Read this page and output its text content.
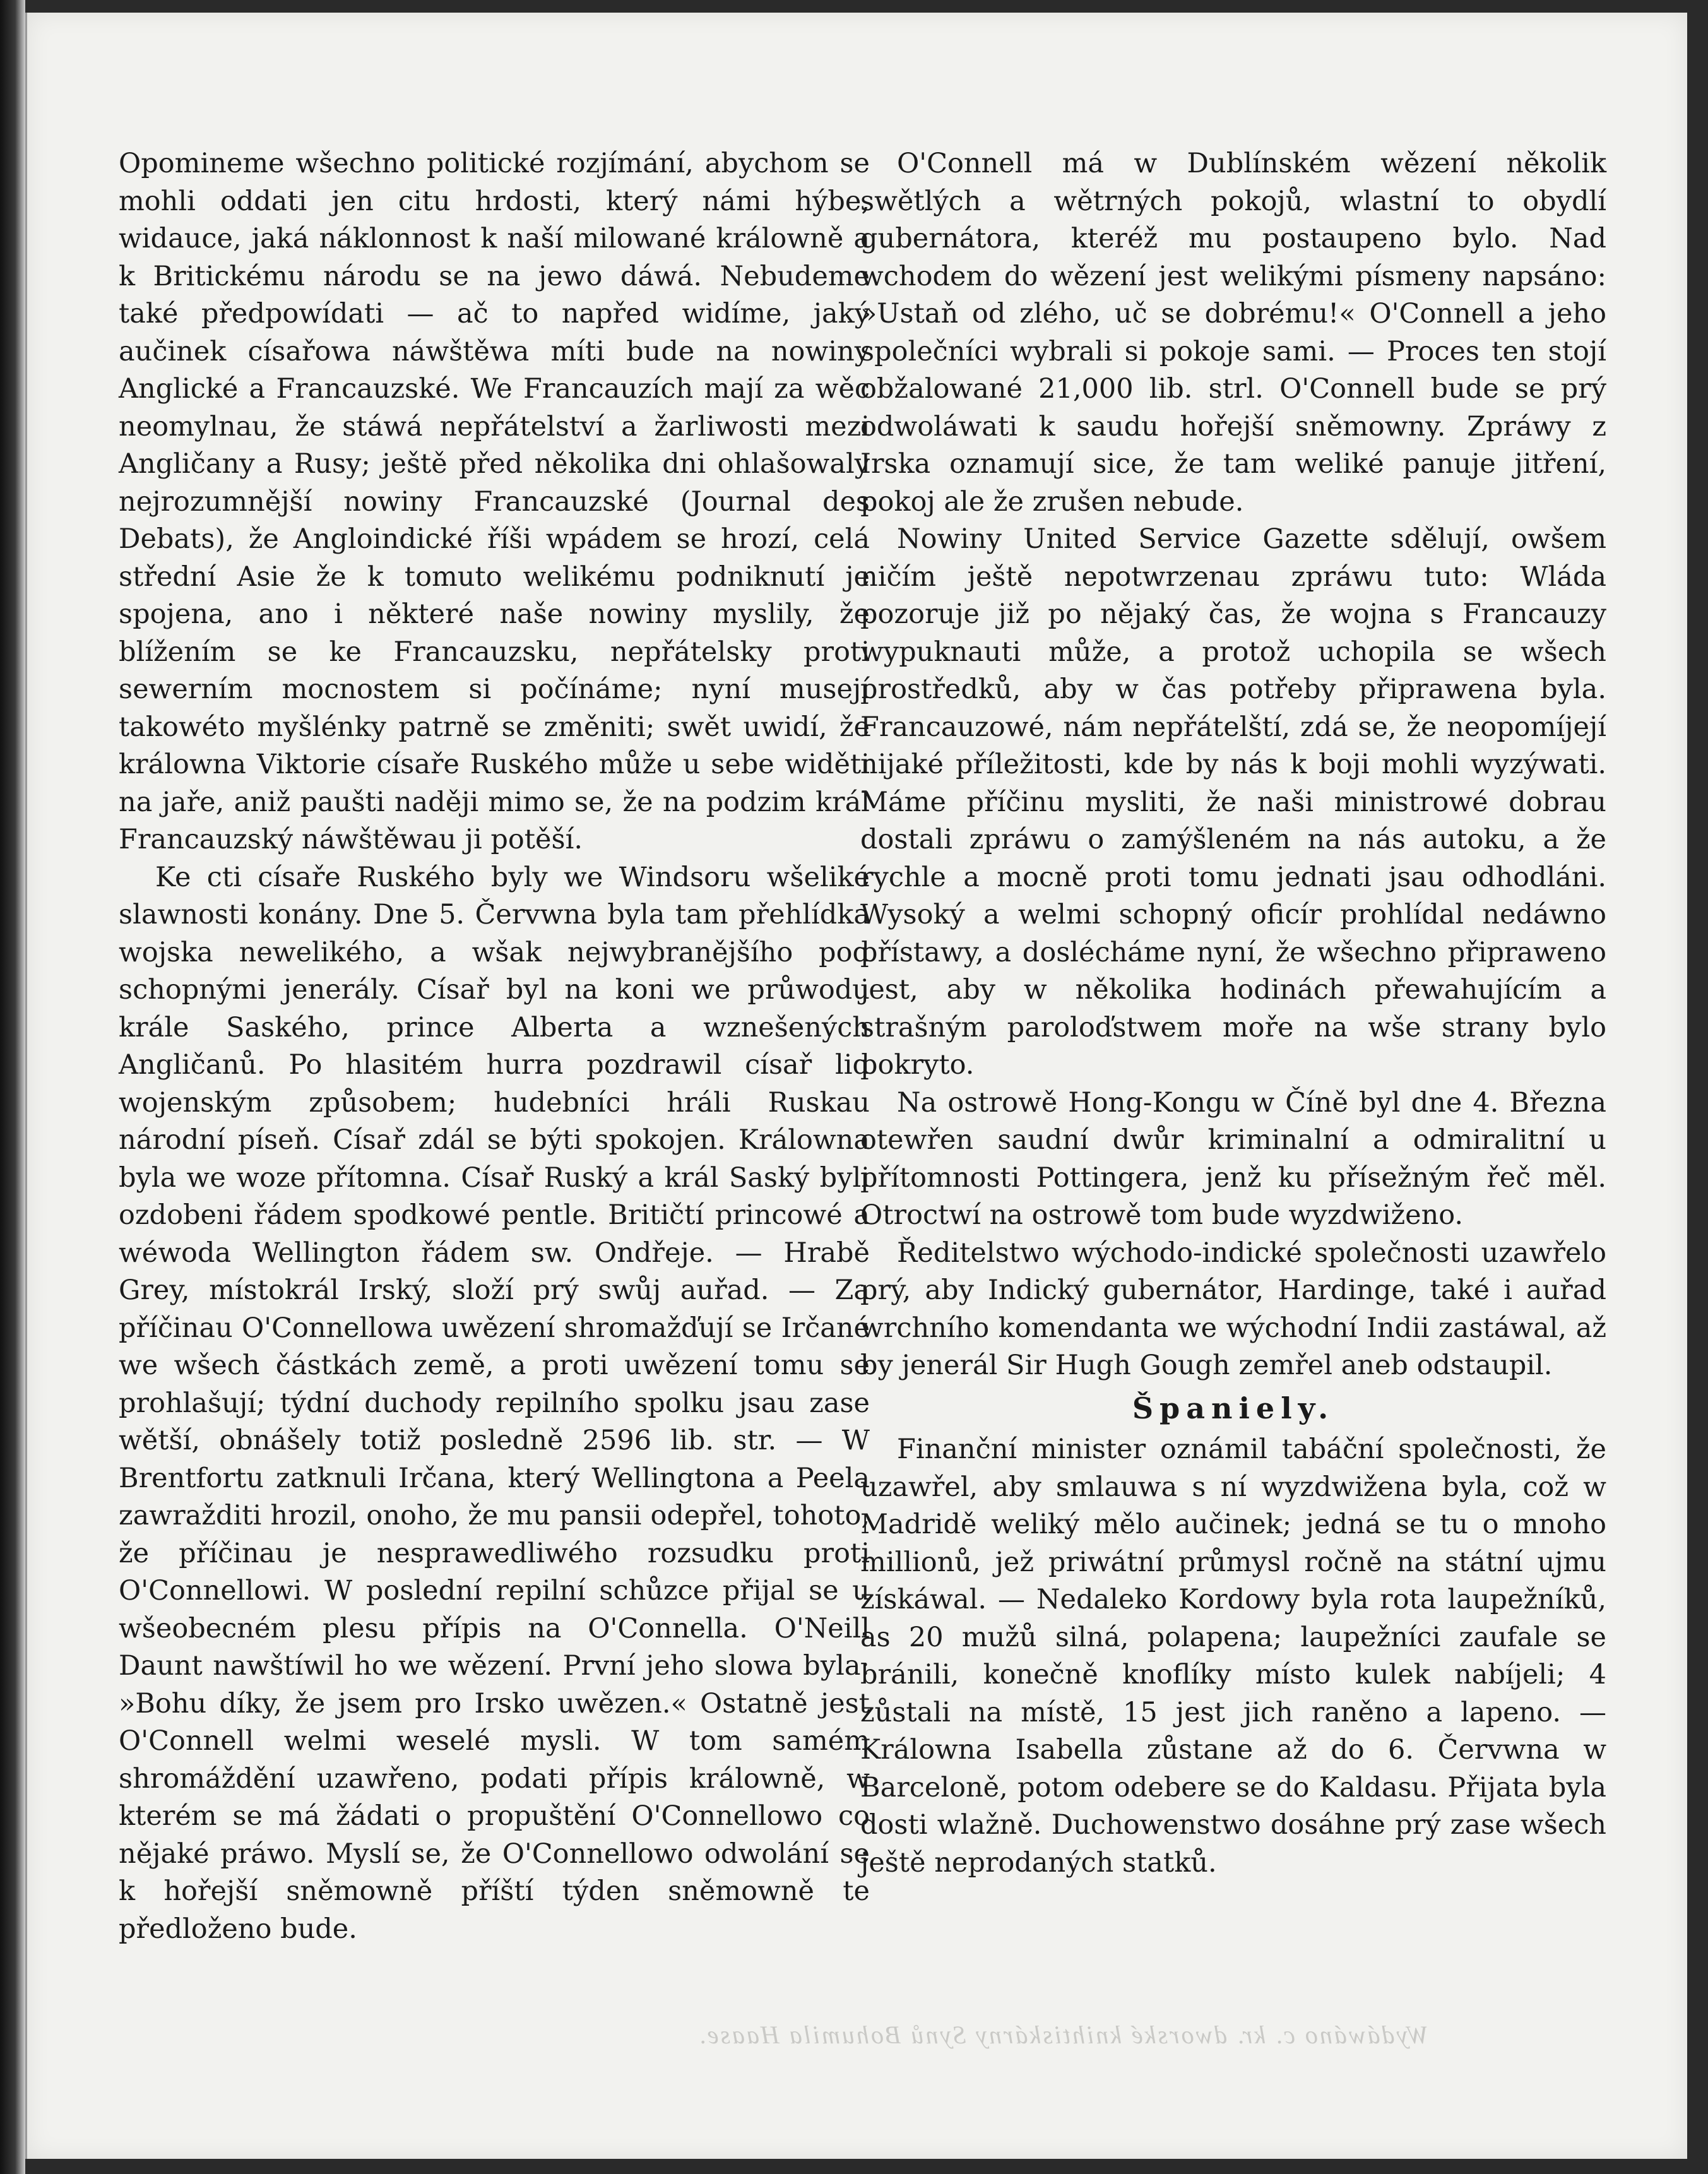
Opomineme wšechno politické rozjímání, abychom se mohli oddati jen citu hrdosti, který námi hýbe, widauce, jaká náklonnost k naší milowané králowně a k Britickému národu se na jewo dáwá. Nebudeme také předpowídati — ač to napřed widíme, jaký aučinek císařowa náwštěwa míti bude na nowiny Anglické a Francauzské. We Francauzích mají za wěc neomylnau, že stáwá nepřátelství a žarliwosti mezi Angličany a Rusy; ještě před několika dni ohlašowaly nejrozumnější nowiny Francauzské (Journal des Debats), že Angloindické říši wpádem se hrozí, celá střední Asie že k tomuto welikému podniknutí je spojena, ano i některé naše nowiny myslily, že blížením se ke Francauzsku, nepřátelsky proti sewerním mocnostem si počínáme; nyní musejí takowéto myšlénky patrně se změniti; swět uwidí, že králowna Viktorie císaře Ruského může u sebe widěti na jaře, aniž paušti naději mimo se, že na podzim král Francauzský náwštěwau ji potěší.

Ke cti císaře Ruského byly we Windsoru wšeliké slawnosti konány. Dne 5. Červwna byla tam přehlídka wojska newelikého, a wšak nejwybranějšího pod schopnými jenerály. Císař byl na koni we průwodu krále Saského, prince Alberta a wznešených Angličanů. Po hlasitém hurra pozdrawil císař lid wojenským způsobem; hudebníci hráli Ruskau národní píseň. Císař zdál se býti spokojen. Králowna byla we woze přítomna. Císař Ruský a král Saský byli ozdobeni řádem spodkowé pentle. Britičtí princowé a wéwoda Wellington řádem sw. Ondřeje. — Hrabě Grey, místokrál Irský, složí prý swůj auřad. — Za příčinau O'Connellowa uwězení shromažďují se Irčané we wšech částkách země, a proti uwězení tomu se prohlašují; týdní duchody repilního spolku jsau zase wětší, obnášely totiž posledně 2596 lib. str. — W Brentfortu zatknuli Irčana, který Wellingtona a Peela zawražditi hrozil, onoho, že mu pansii odepřel, tohoto, že příčinau je nesprawedliwého rozsudku proti O'Connellowi. W poslední repilní schůzce přijal se u wšeobecném plesu přípis na O'Connella. O'Neill Daunt nawštíwil ho we wězení. První jeho slowa byla: »Bohu díky, že jsem pro Irsko uwězen.« Ostatně jest O'Connell welmi weselé mysli. W tom samém shromáždění uzawřeno, podati přípis králowně, w kterém se má žádati o propuštění O'Connellowo co nějaké práwo. Myslí se, že O'Connellowo odwolání se k hořejší sněmowně příští týden sněmowně te předloženo bude.

O'Connell má w Dublínském wězení několik swětlých a wětrných pokojů, wlastní to obydlí gubernátora, kteréž mu postaupeno bylo. Nad wchodem do wězení jest welikými písmeny napsáno: »Ustaň od zlého, uč se dobrému!« O'Connell a jeho společníci wybrali si pokoje sami. — Proces ten stojí obžalowané 21,000 lib. strl. O'Connell bude se prý odwoláwati k saudu hořejší sněmowny. Zpráwy z Irska oznamují sice, že tam weliké panuje jitření, pokoj ale že zrušen nebude.

Nowiny United Service Gazette sdělují, owšem ničím ještě nepotwrzenau zpráwu tuto: Wláda pozoruje již po nějaký čas, že wojna s Francauzy wypuknauti může, a protož uchopila se wšech prostředků, aby w čas potřeby připrawena byla. Francauzowé, nám nepřátelští, zdá se, že neopomíjejí nijaké příležitosti, kde by nás k boji mohli wyzýwati. Máme příčinu mysliti, že naši ministrowé dobrau dostali zpráwu o zamýšleném na nás autoku, a že rychle a mocně proti tomu jednati jsau odhodláni. Wysoký a welmi schopný oficír prohlídal nedáwno přístawy, a doslécháme nyní, že wšechno připraweno jest, aby w několika hodinách přewahujícím a strašným paroloďstwem moře na wše strany bylo pokryto.

Na ostrowě Hong-Kongu w Číně byl dne 4. Března otewřen saudní dwůr kriminalní a odmiralitní u přítomnosti Pottingera, jenž ku přísežným řeč měl. Otroctwí na ostrowě tom bude wyzdwiženo.

Ředitelstwo wýchodo-indické společnosti uzawřelo prý, aby Indický gubernátor, Hardinge, také i auřad wrchního komendanta we wýchodní Indii zastáwal, až by jenerál Sir Hugh Gough zemřel aneb odstaupil.

Španiely.

Finanční minister oznámil tabáční společnosti, že uzawřel, aby smlauwa s ní wyzdwižena byla, což w Madridě weliký mělo aučinek; jedná se tu o mnoho millionů, jež priwátní průmysl ročně na státní ujmu získáwal. — Nedaleko Kordowy byla rota laupežníků, as 20 mužů silná, polapena; laupežníci zaufale se bránili, konečně knoflíky místo kulek nabíjeli; 4 zůstali na místě, 15 jest jich raněno a lapeno. — Králowna Isabella zůstane až do 6. Červwna w Barceloně, potom odebere se do Kaldasu. Přijata byla dosti wlažně. Duchowenstwo dosáhne prý zase wšech ještě neprodaných statků.

Wydáwáno c. kr. dworské knihtiskárny Synů Bohumila Haase.
